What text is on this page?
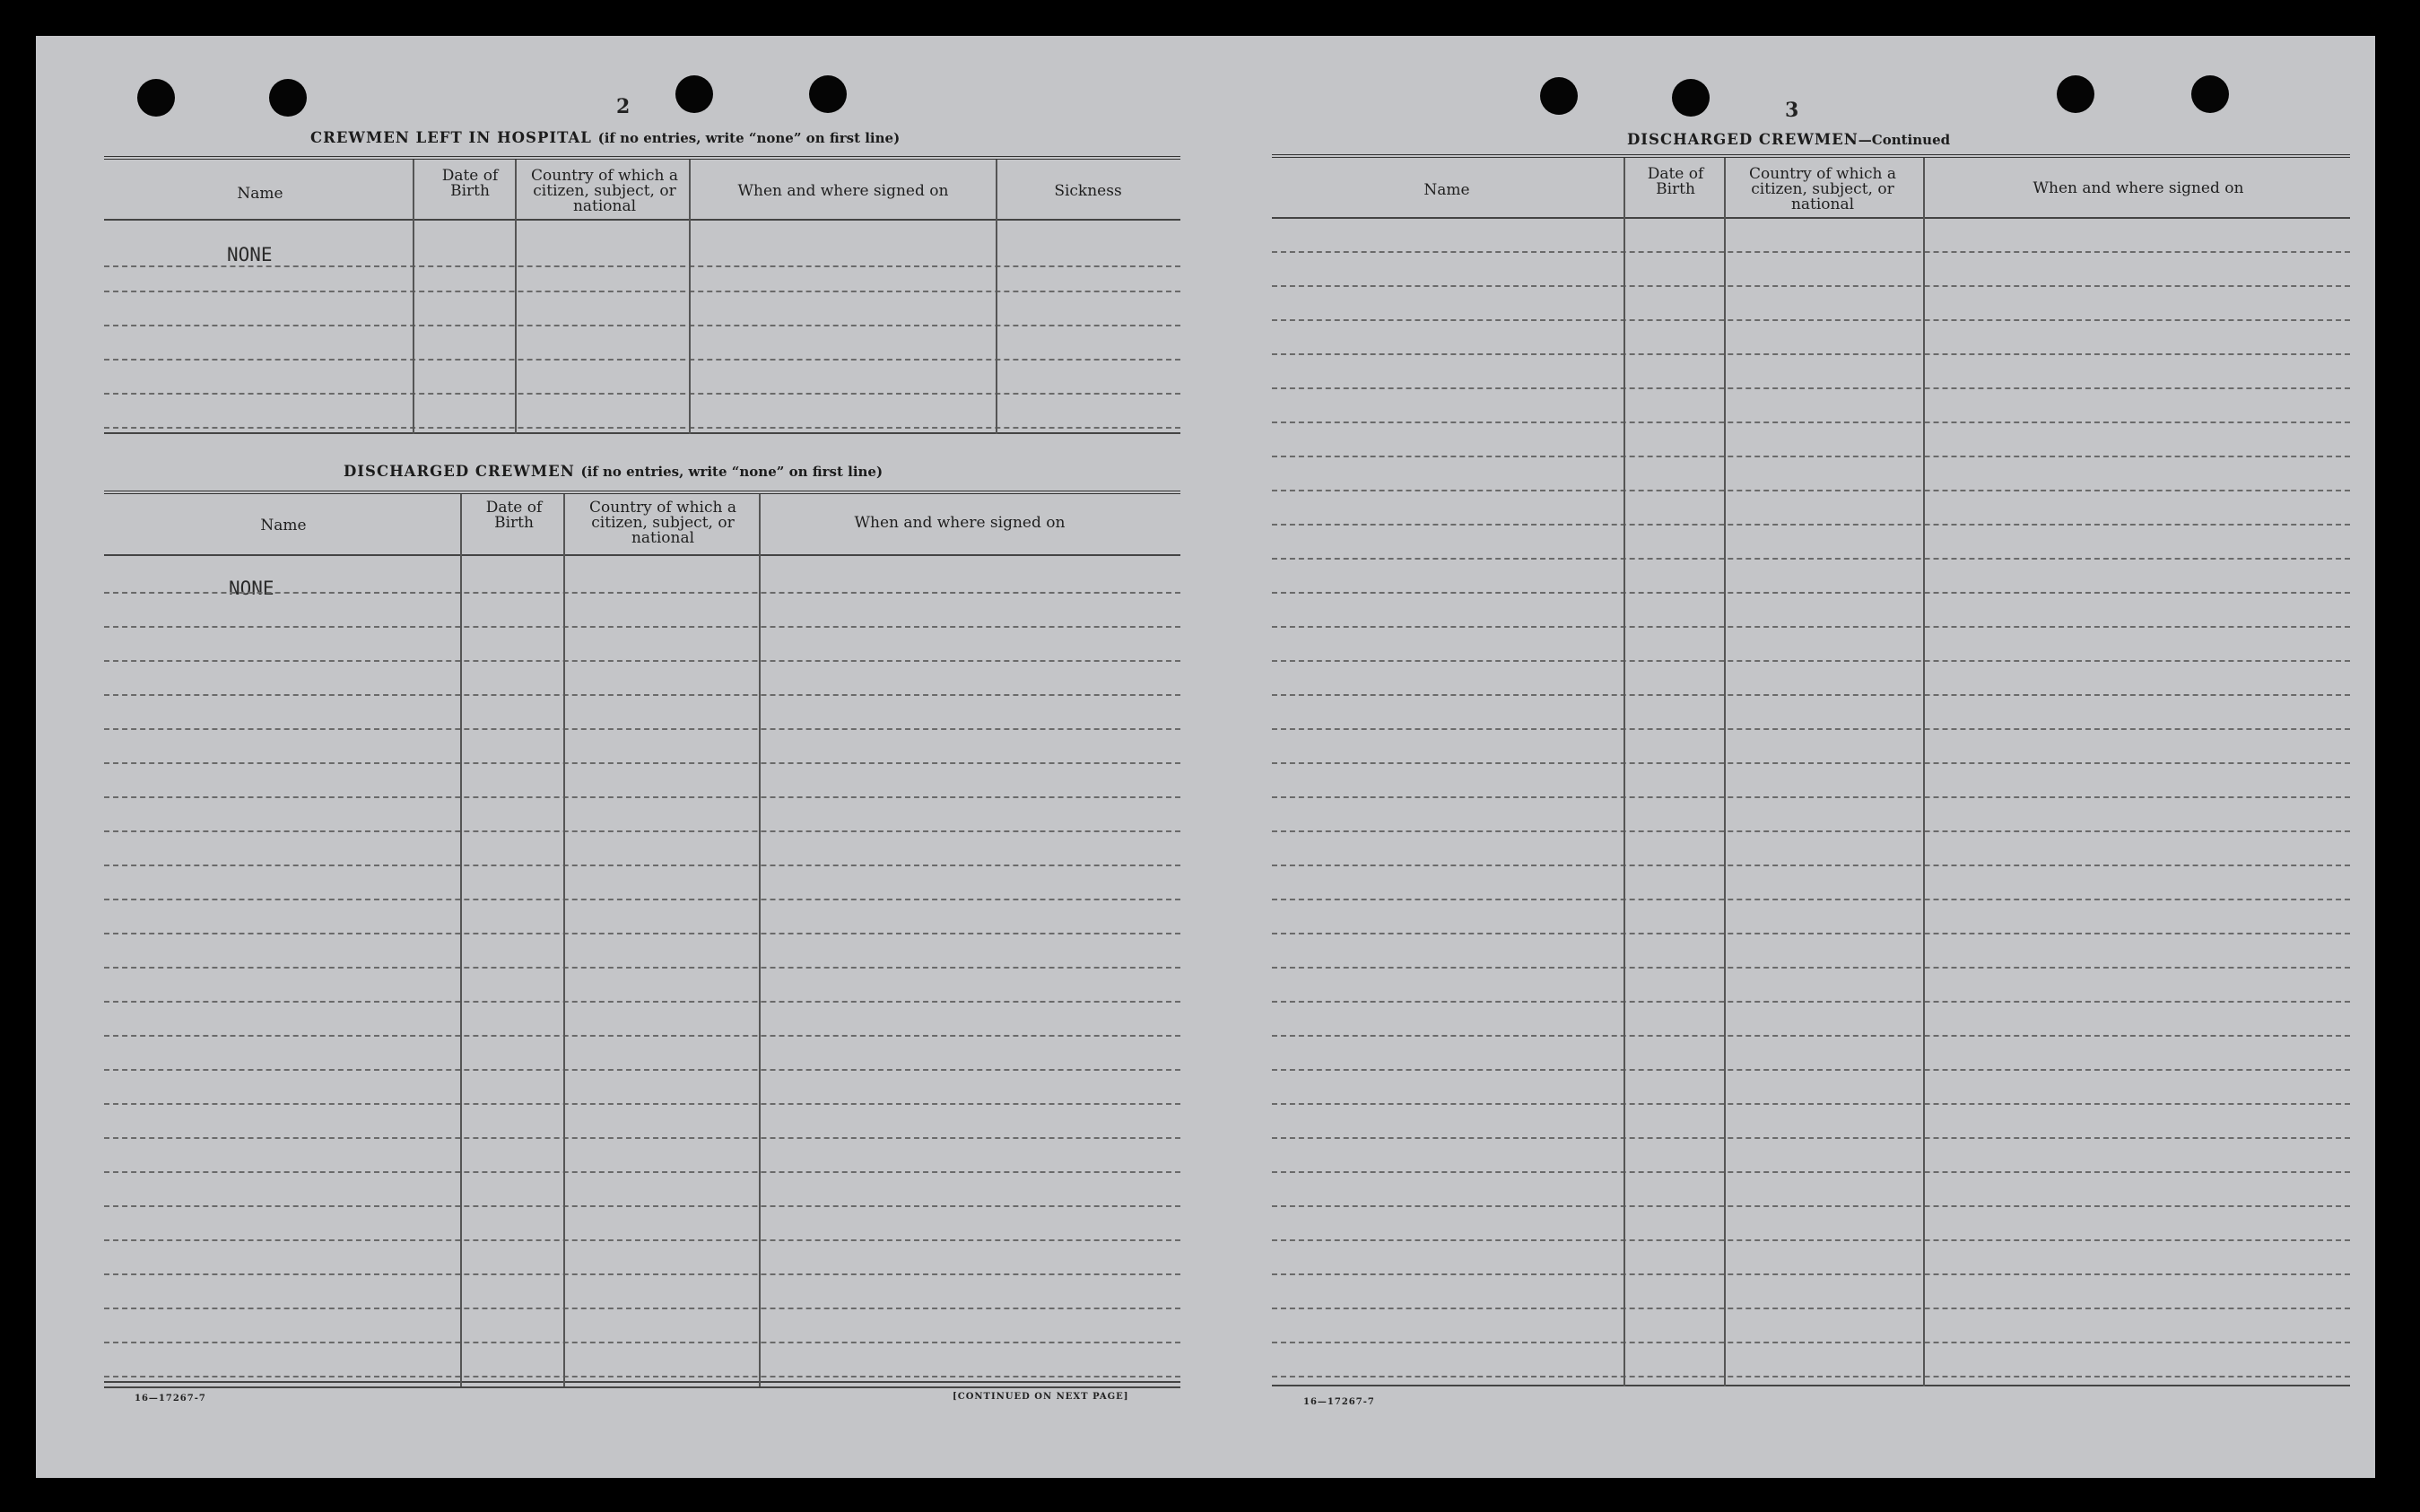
2
CREWMEN LEFT IN HOSPITAL (if no entries, write “none” on first line)
Name
Date of Birth
Country of which a citizen, subject, or national
When and where signed on	Sickness
NONE
DISCHARGED CREWMEN (if no entries, write “none” on first line)
Name
Date of Birth
Country of which a citizen, subject, or national
When and where signed on
NONE
16—17267-7	[CONTINUED ON NEXT PAGE]
3
DISCHARGED CREWMEN—Continued
Name
Date of Birth
Country of which a citizen, subject, or national
When and where signed on
16—17267-7
